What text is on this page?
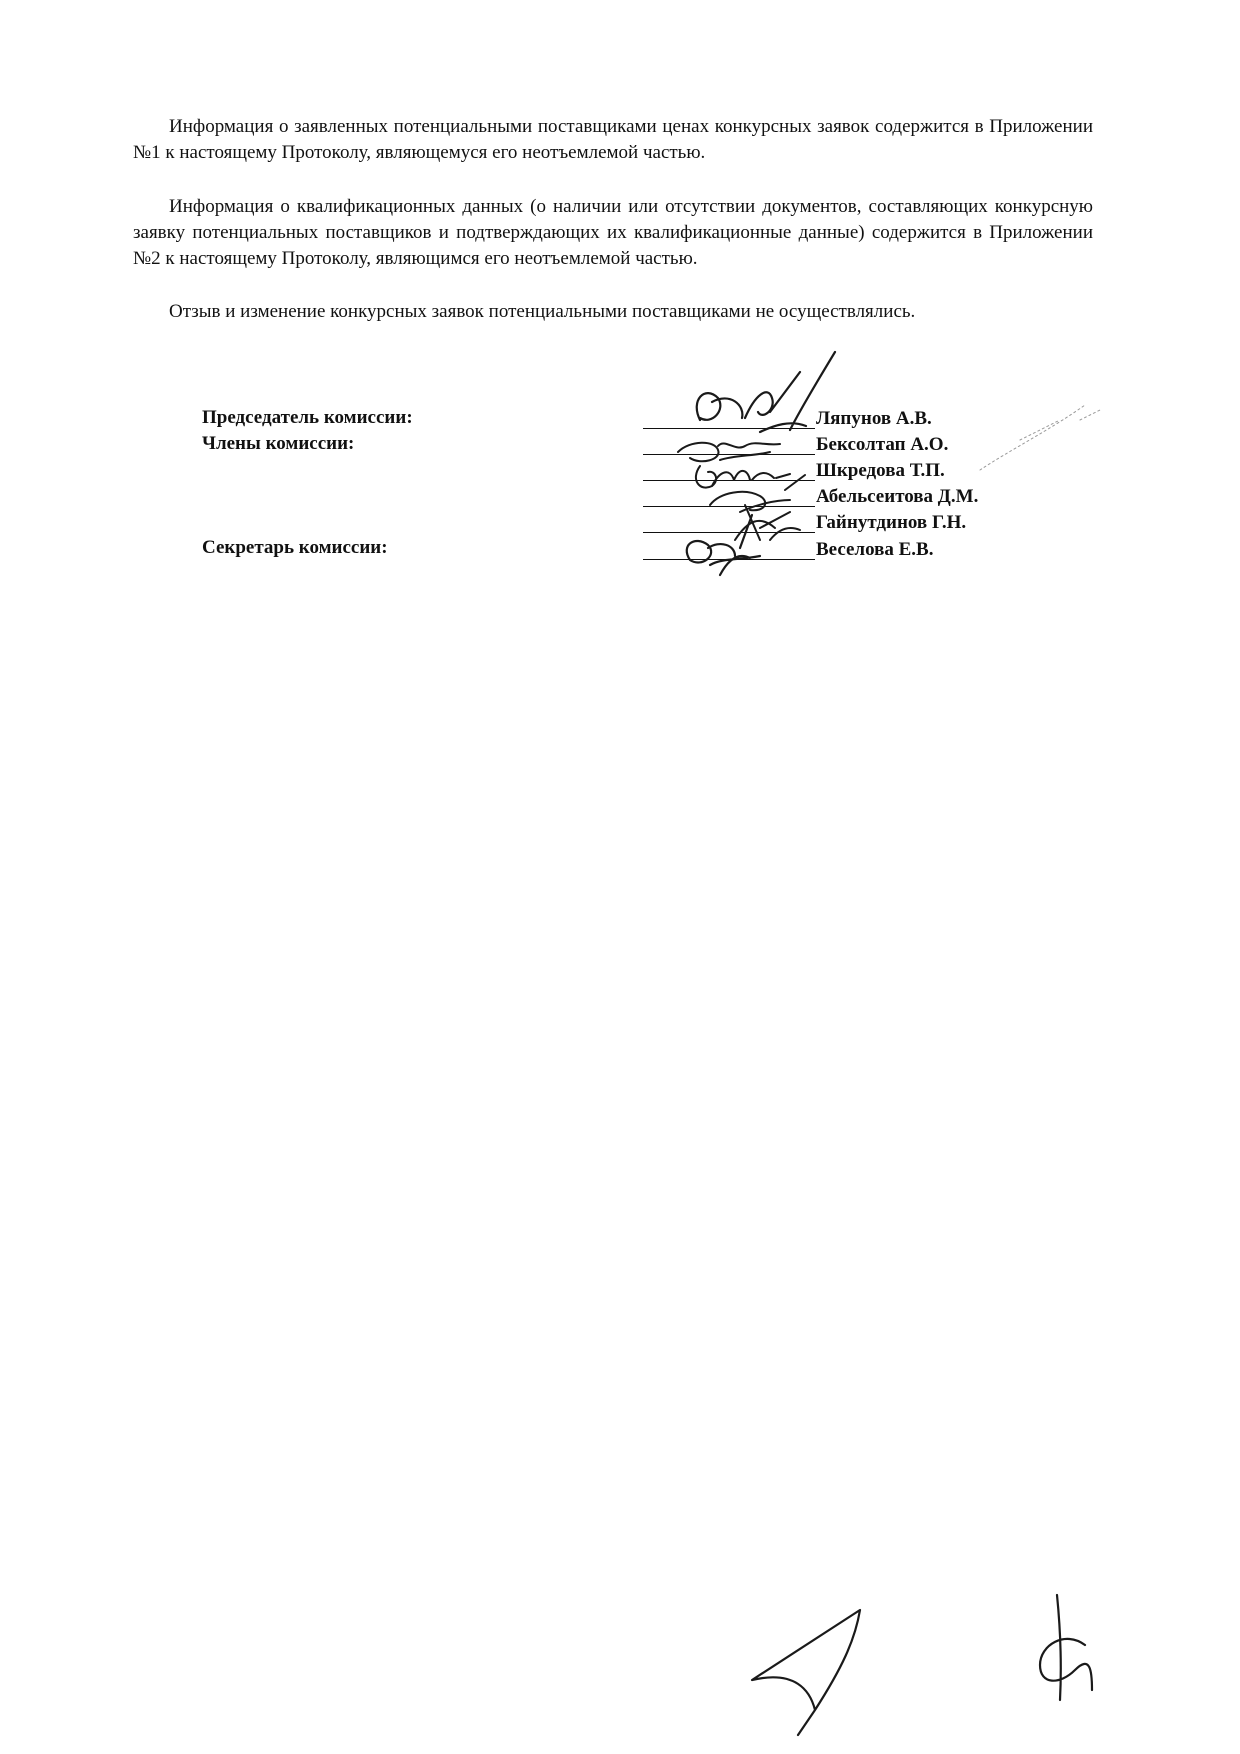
Информация о заявленных потенциальными поставщиками ценах конкурсных заявок содержится в Приложении №1 к настоящему Протоколу, являющемуся его неотъемлемой частью.

Информация о квалификационных данных (о наличии или отсутствии документов, составляющих конкурсную заявку потенциальных поставщиков и подтверждающих их квалификационные данные) содержится в Приложении №2 к настоящему Протоколу, являющимся его неотъемлемой частью.

Отзыв и изменение конкурсных заявок потенциальными поставщиками не осуществлялись.

Председатель комиссии:
Члены комиссии:
Секретарь комиссии:
Ляпунов А.В.
Бексолтап А.О.
Шкредова Т.П.
Абельсеитова Д.М.
Гайнутдинов Г.Н.
Веселова Е.В.
